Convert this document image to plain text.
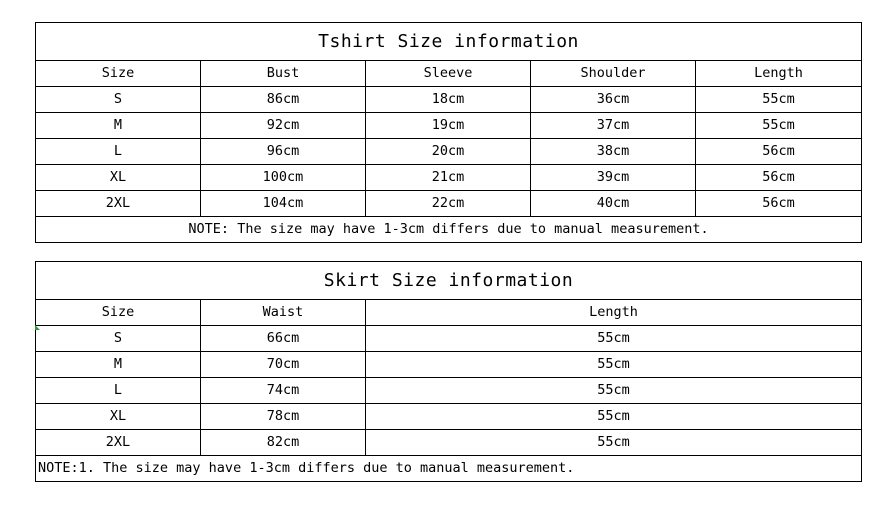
Tshirt Size information				
Size	Bust	Sleeve	Shoulder	Length
S	86cm	18cm	36cm	55cm
M	92cm	19cm	37cm	55cm
L	96cm	20cm	38cm	56cm
XL	100cm	21cm	39cm	56cm
2XL	104cm	22cm	40cm	56cm
NOTE: The size may have 1-3cm differs due to manual measurement.				
Skirt Size information		
Size	Waist	Length
S	66cm	55cm
M	70cm	55cm
L	74cm	55cm
XL	78cm	55cm
2XL	82cm	55cm
NOTE:1. The size may have 1-3cm differs due to manual measurement.		
